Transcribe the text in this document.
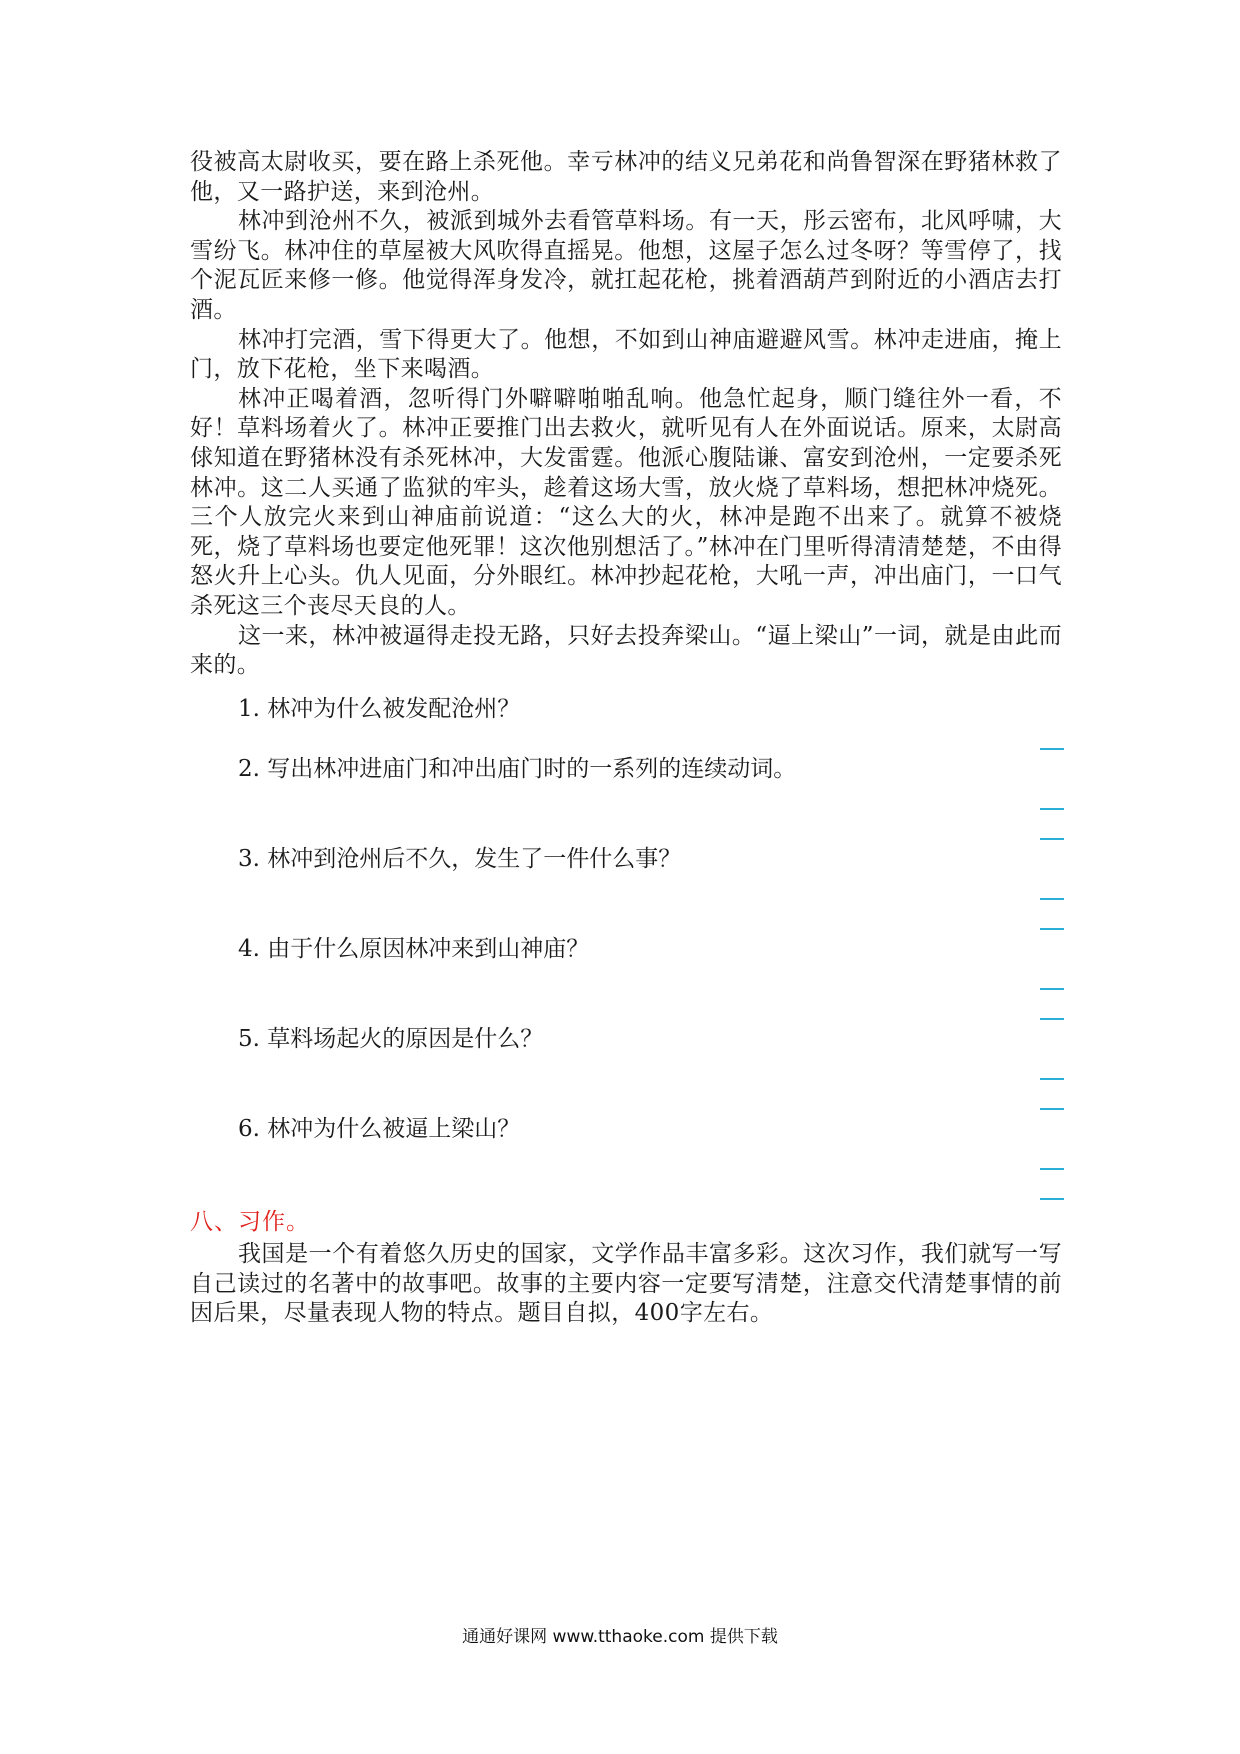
役被高太尉收买，要在路上杀死他。幸亏林冲的结义兄弟花和尚鲁智深在野猪林救了他，又一路护送，来到沧州。

林冲到沧州不久，被派到城外去看管草料场。有一天，彤云密布，北风呼啸，大雪纷飞。林冲住的草屋被大风吹得直摇晃。他想，这屋子怎么过冬呀？等雪停了，找个泥瓦匠来修一修。他觉得浑身发冷，就扛起花枪，挑着酒葫芦到附近的小酒店去打酒。

林冲打完酒，雪下得更大了。他想，不如到山神庙避避风雪。林冲走进庙，掩上门，放下花枪，坐下来喝酒。

林冲正喝着酒，忽听得门外噼噼啪啪乱响。他急忙起身，顺门缝往外一看，不好！草料场着火了。林冲正要推门出去救火，就听见有人在外面说话。原来，太尉高俅知道在野猪林没有杀死林冲，大发雷霆。他派心腹陆谦、富安到沧州，一定要杀死林冲。这二人买通了监狱的牢头，趁着这场大雪，放火烧了草料场，想把林冲烧死。三个人放完火来到山神庙前说道：“这么大的火，林冲是跑不出来了。就算不被烧死，烧了草料场也要定他死罪！这次他别想活了。”林冲在门里听得清清楚楚，不由得怒火升上心头。仇人见面，分外眼红。林冲抄起花枪，大吼一声，冲出庙门，一口气杀死这三个丧尽天良的人。

这一来，林冲被逼得走投无路，只好去投奔梁山。“逼上梁山”一词，就是由此而来的。

1. 林冲为什么被发配沧州？
2. 写出林冲进庙门和冲出庙门时的一系列的连续动词。
3. 林冲到沧州后不久，发生了一件什么事？
4. 由于什么原因林冲来到山神庙？
5. 草料场起火的原因是什么？
6. 林冲为什么被逼上梁山？
八、习作。

我国是一个有着悠久历史的国家，文学作品丰富多彩。这次习作，我们就写一写自己读过的名著中的故事吧。故事的主要内容一定要写清楚，注意交代清楚事情的前因后果，尽量表现人物的特点。题目自拟，400字左右。

通通好课网 www.tthaoke.com 提供下载
